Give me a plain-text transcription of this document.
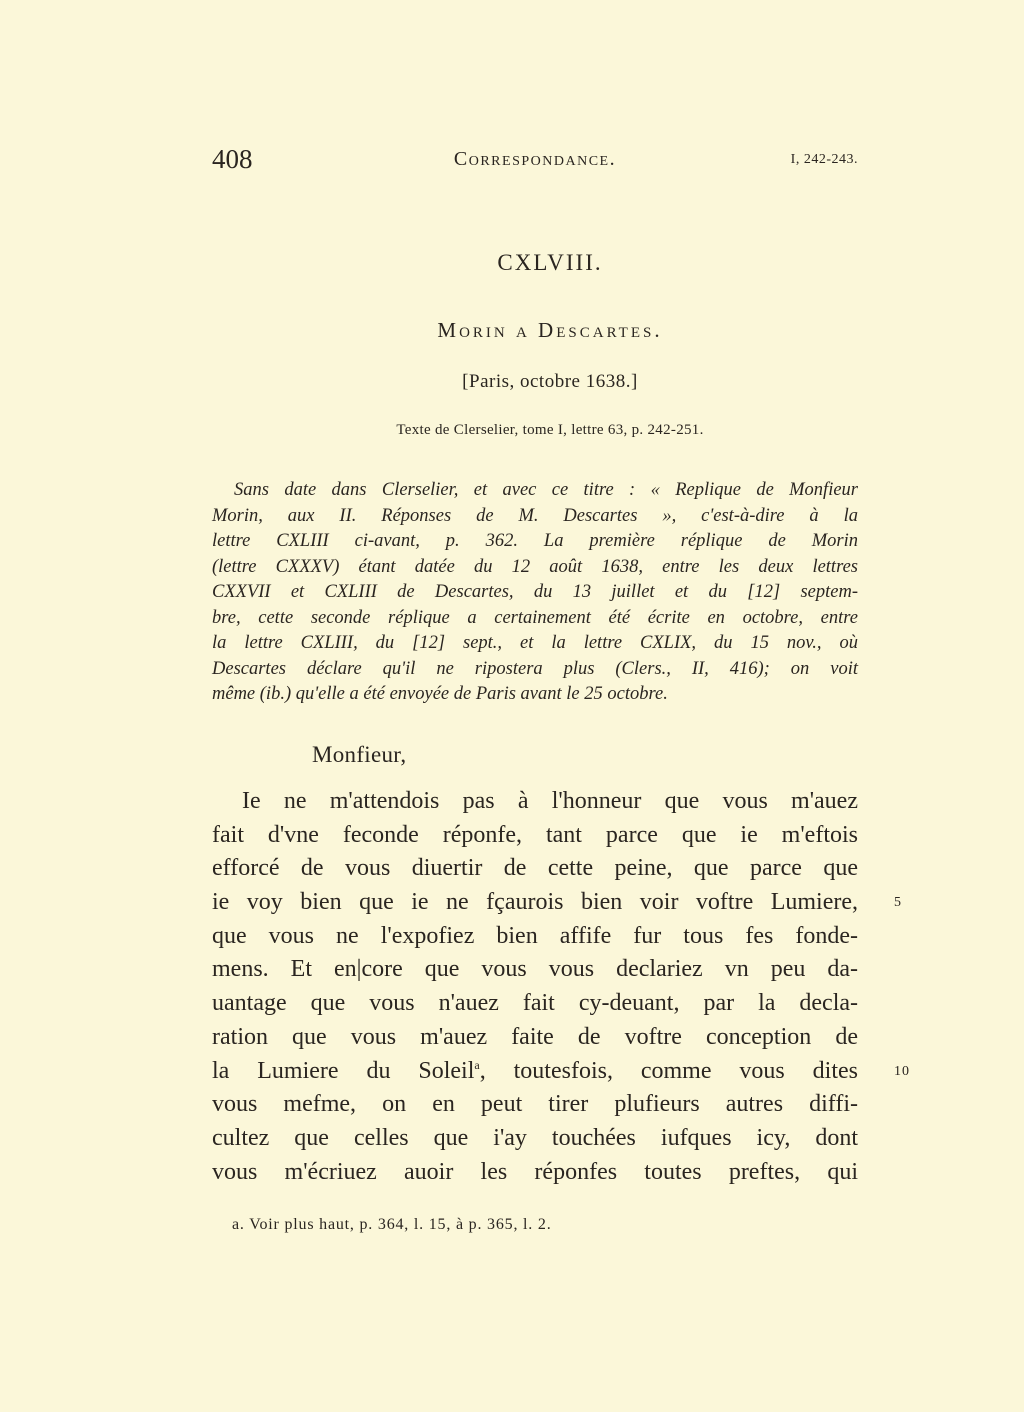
408	Correspondance.	I, 242-243.
CXLVIII.
Morin a Descartes.
[Paris, octobre 1638.]
Texte de Clerselier, tome I, lettre 63, p. 242-251.
Sans date dans Clerselier, et avec ce titre : « Replique de Monfieur
Morin, aux II. Réponses de M. Descartes », c'est-à-dire à la
lettre CXLIII ci-avant, p. 362. La première réplique de Morin
(lettre CXXXV) étant datée du 12 août 1638, entre les deux lettres
CXXVII et CXLIII de Descartes, du 13 juillet et du [12] septem-
bre, cette seconde réplique a certainement été écrite en octobre, entre
la lettre CXLIII, du [12] sept., et la lettre CXLIX, du 15 nov., où
Descartes déclare qu'il ne ripostera plus (Clers., II, 416); on voit
même (ib.) qu'elle a été envoyée de Paris avant le 25 octobre.
Monfieur,
Ie ne m'attendois pas à l'honneur que vous m'auez
fait d'vne feconde réponfe, tant parce que ie m'eftois
efforcé de vous diuertir de cette peine, que parce que
ie voy bien que ie ne fçaurois bien voir voftre Lumiere,	5
que vous ne l'expofiez bien affife fur tous fes fonde-
mens. Et en|core que vous vous declariez vn peu da-
uantage que vous n'auez fait cy-deuant, par la decla-
ration que vous m'auez faite de voftre conception de
la Lumiere du Soleil$^a$, toutesfois, comme vous dites	10
vous mefme, on en peut tirer plufieurs autres diffi-
cultez que celles que i'ay touchées iufques icy, dont
vous m'écriuez auoir les réponfes toutes preftes, qui
a. Voir plus haut, p. 364, l. 15, à p. 365, l. 2.
